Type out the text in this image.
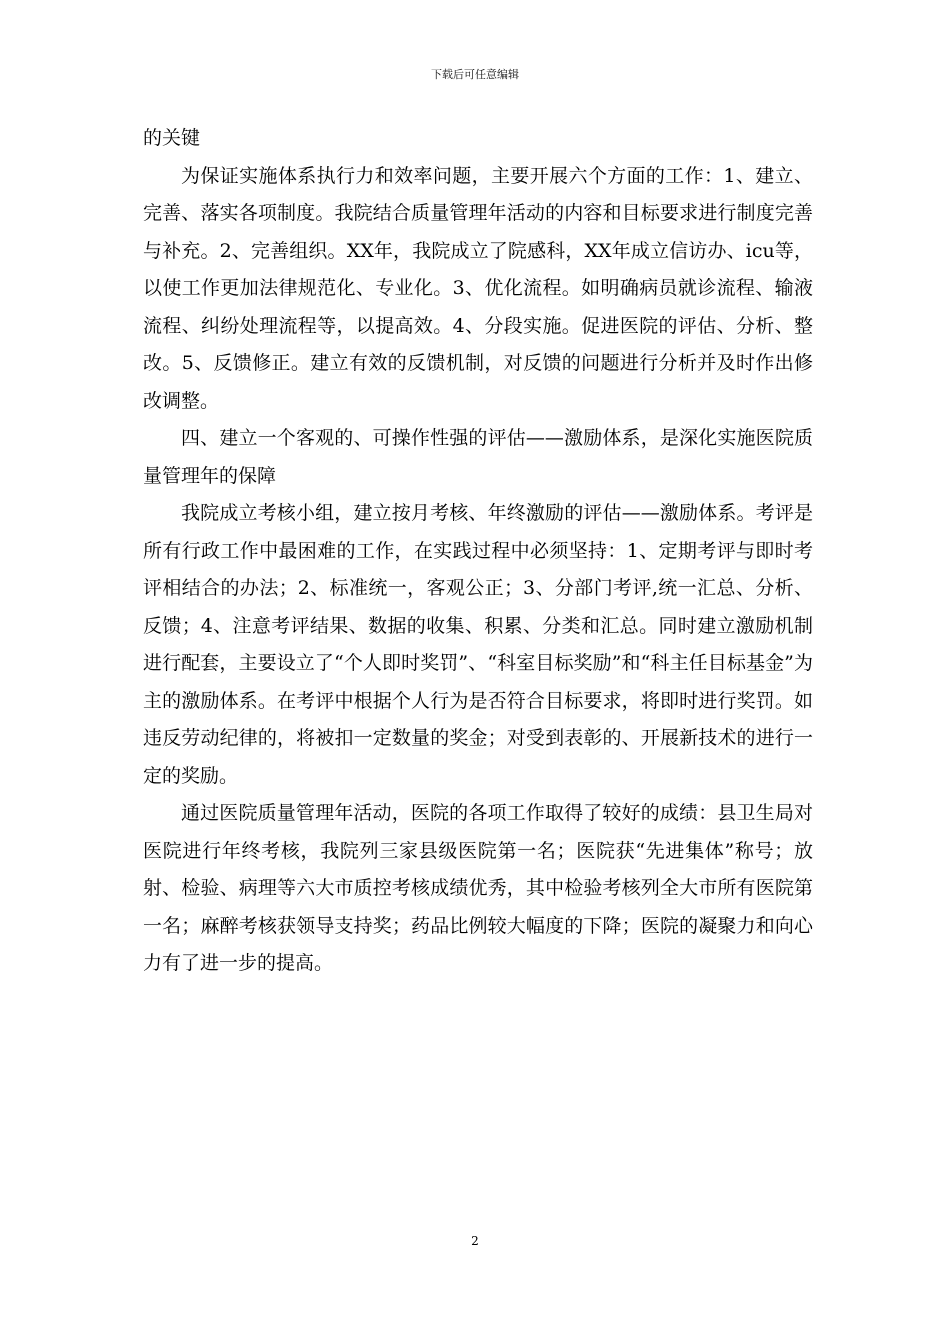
下载后可任意编辑

的关键

为保证实施体系执行力和效率问题，主要开展六个方面的工作：1、建立、完善、落实各项制度。我院结合质量管理年活动的内容和目标要求进行制度完善与补充。2、完善组织。XX年，我院成立了院感科，XX年成立信访办、icu等，以使工作更加法律规范化、专业化。3、优化流程。如明确病员就诊流程、输液流程、纠纷处理流程等，以提高效。4、分段实施。促进医院的评估、分析、整改。5、反馈修正。建立有效的反馈机制，对反馈的问题进行分析并及时作出修改调整。

四、建立一个客观的、可操作性强的评估——激励体系，是深化实施医院质量管理年的保障

我院成立考核小组，建立按月考核、年终激励的评估——激励体系。考评是所有行政工作中最困难的工作，在实践过程中必须坚持：1、定期考评与即时考评相结合的办法；2、标准统一，客观公正；3、分部门考评,统一汇总、分析、反馈；4、注意考评结果、数据的收集、积累、分类和汇总。同时建立激励机制进行配套，主要设立了“个人即时奖罚”、“科室目标奖励”和“科主任目标基金”为主的激励体系。在考评中根据个人行为是否符合目标要求，将即时进行奖罚。如违反劳动纪律的，将被扣一定数量的奖金；对受到表彰的、开展新技术的进行一定的奖励。

通过医院质量管理年活动，医院的各项工作取得了较好的成绩：县卫生局对医院进行年终考核，我院列三家县级医院第一名；医院获“先进集体”称号；放射、检验、病理等六大市质控考核成绩优秀，其中检验考核列全大市所有医院第一名；麻醉考核获领导支持奖；药品比例较大幅度的下降；医院的凝聚力和向心力有了进一步的提高。

2
